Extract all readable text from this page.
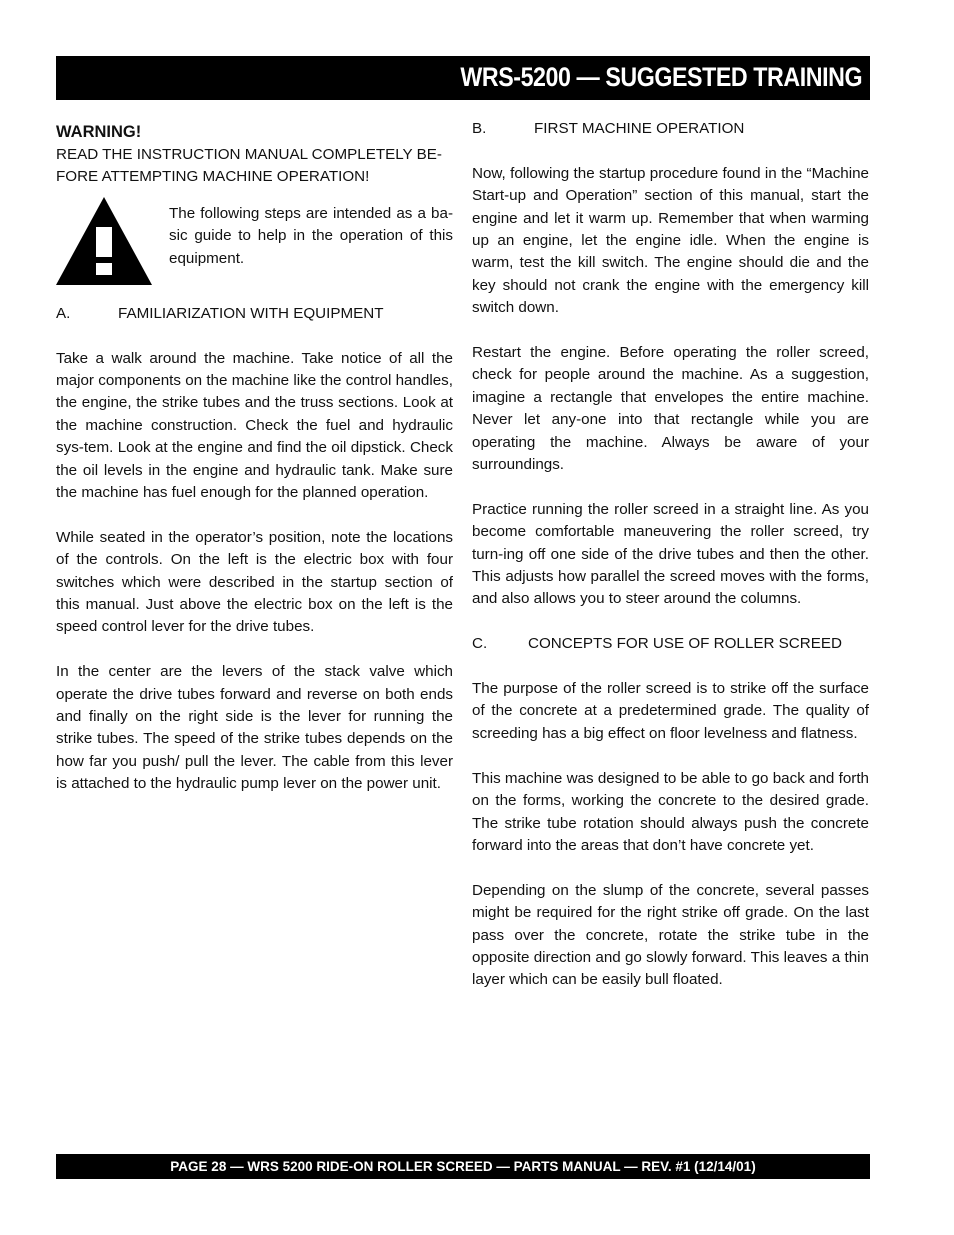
WRS-5200 — SUGGESTED TRAINING
WARNING!

READ THE INSTRUCTION MANUAL COMPLETELY BE-FORE ATTEMPTING MACHINE OPERATION!

The following steps are intended as a ba-sic guide to help in the operation of this equipment.

A.	FAMILIARIZATION WITH EQUIPMENT

Take a walk around the machine. Take notice of all the major components on the machine like the control handles, the engine, the strike tubes and the truss sections. Look at the machine construction. Check the fuel and hydraulic sys-tem. Look at the engine and find the oil dipstick. Check the oil levels in the engine and hydraulic tank. Make sure the machine has fuel enough for the planned operation.

While seated in the operator’s position, note the locations of the controls. On the left is the electric box with four switches which were described in the startup section of this manual. Just above the electric box on the left is the speed control lever for the drive tubes.

In the center are the levers of the stack valve which operate the drive tubes forward and reverse on both ends and finally on the right side is the lever for running the strike tubes. The speed of the strike tubes depends on the how far you push/ pull the lever. The cable from this lever is attached to the hydraulic pump lever on the power unit.

B.	FIRST MACHINE OPERATION

Now, following the startup procedure found in the “Machine Start-up and Operation” section of this manual, start the engine and let it warm up. Remember that when warming up an engine, let the engine idle. When the engine is warm, test the kill switch. The engine should die and the key should not crank the engine with the emergency kill switch down.

Restart the engine. Before operating the roller screed, check for people around the machine. As a suggestion, imagine a rectangle that envelopes the entire machine. Never let any-one into that rectangle while you are operating the machine. Always be aware of your surroundings.

Practice running the roller screed in a straight line. As you become comfortable maneuvering the roller screed, try turn-ing off one side of the drive tubes and then the other. This adjusts how parallel the screed moves with the forms, and also allows you to steer around the columns.

C.	CONCEPTS FOR USE OF ROLLER SCREED

The purpose of the roller screed is to strike off the surface of the concrete at a predetermined grade. The quality of screeding has a big effect on floor levelness and flatness.

This machine was designed to be able to go back and forth on the forms, working the concrete to the desired grade. The strike tube rotation should always push the concrete forward into the areas that don’t have concrete yet.

Depending on the slump of the concrete, several passes might be required for the right strike off grade. On the last pass over the concrete, rotate the strike tube in the opposite direction and go slowly forward. This leaves a thin layer which can be easily bull floated.

PAGE 28 — WRS 5200 RIDE-ON ROLLER SCREED — PARTS MANUAL — REV. #1 (12/14/01)
